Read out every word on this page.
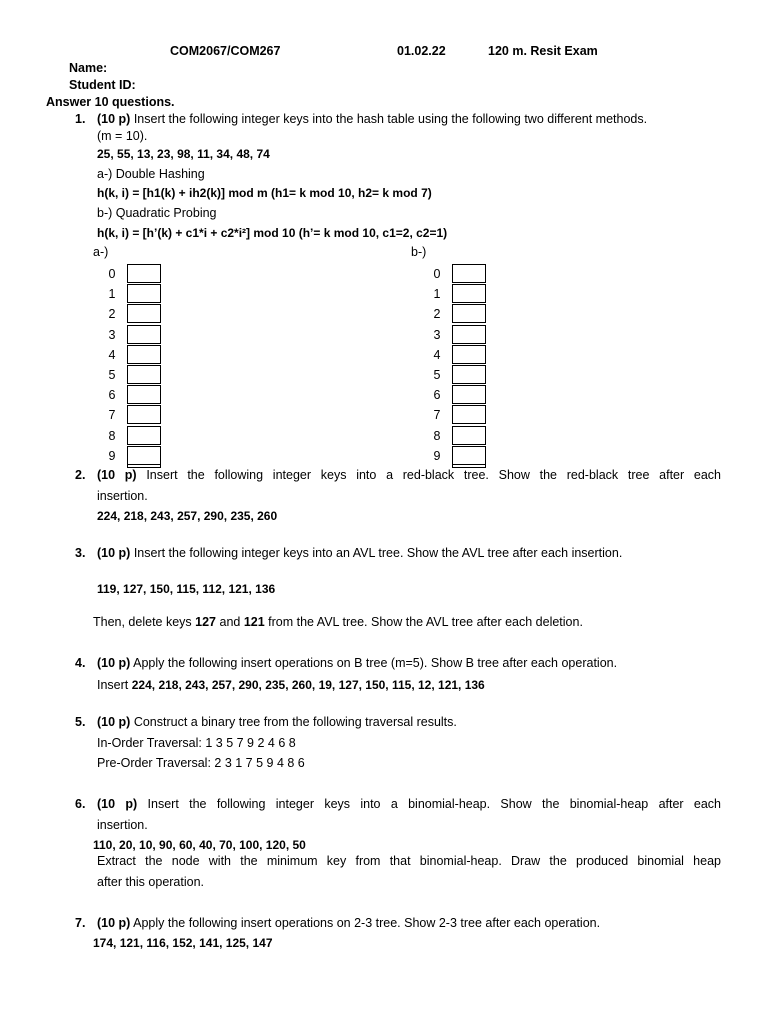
COM2067/COM267	01.02.22	120 m. Resit Exam
Name:
Student ID:
Answer 10 questions.
1. (10 p) Insert the following integer keys into the hash table using the following two different methods.
(m = 10).
25, 55, 13, 23, 98, 11, 34, 48, 74
a-) Double Hashing
h(k, i) = [h1(k) + ih2(k)] mod m (h1= k mod 10, h2= k mod 7)
b-) Quadratic Probing
h(k, i) = [h’(k) + c1*i + c2*i²] mod 10 (h’= k mod 10, c1=2, c2=1)
a-)	b-)
0
1
2
3
4
5
6
7
8
9
0
1
2
3
4
5
6
7
8
9
2. (10 p) Insert the following integer keys into a red-black tree. Show the red-black tree after each
insertion.
224, 218, 243, 257, 290, 235, 260
3. (10 p) Insert the following integer keys into an AVL tree. Show the AVL tree after each insertion.
119, 127, 150, 115, 112, 121, 136
Then, delete keys 127 and 121 from the AVL tree. Show the AVL tree after each deletion.
4. (10 p) Apply the following insert operations on B tree (m=5). Show B tree after each operation.
Insert 224, 218, 243, 257, 290, 235, 260, 19, 127, 150, 115, 12, 121, 136
5. (10 p) Construct a binary tree from the following traversal results.
In-Order Traversal: 1 3 5 7 9 2 4 6 8
Pre-Order Traversal: 2 3 1 7 5 9 4 8 6
6. (10 p) Insert the following integer keys into a binomial-heap. Show the binomial-heap after each
insertion.
110, 20, 10, 90, 60, 40, 70, 100, 120, 50
Extract the node with the minimum key from that binomial-heap. Draw the produced binomial heap
after this operation.
7. (10 p) Apply the following insert operations on 2-3 tree. Show 2-3 tree after each operation.
174, 121, 116, 152, 141, 125, 147
